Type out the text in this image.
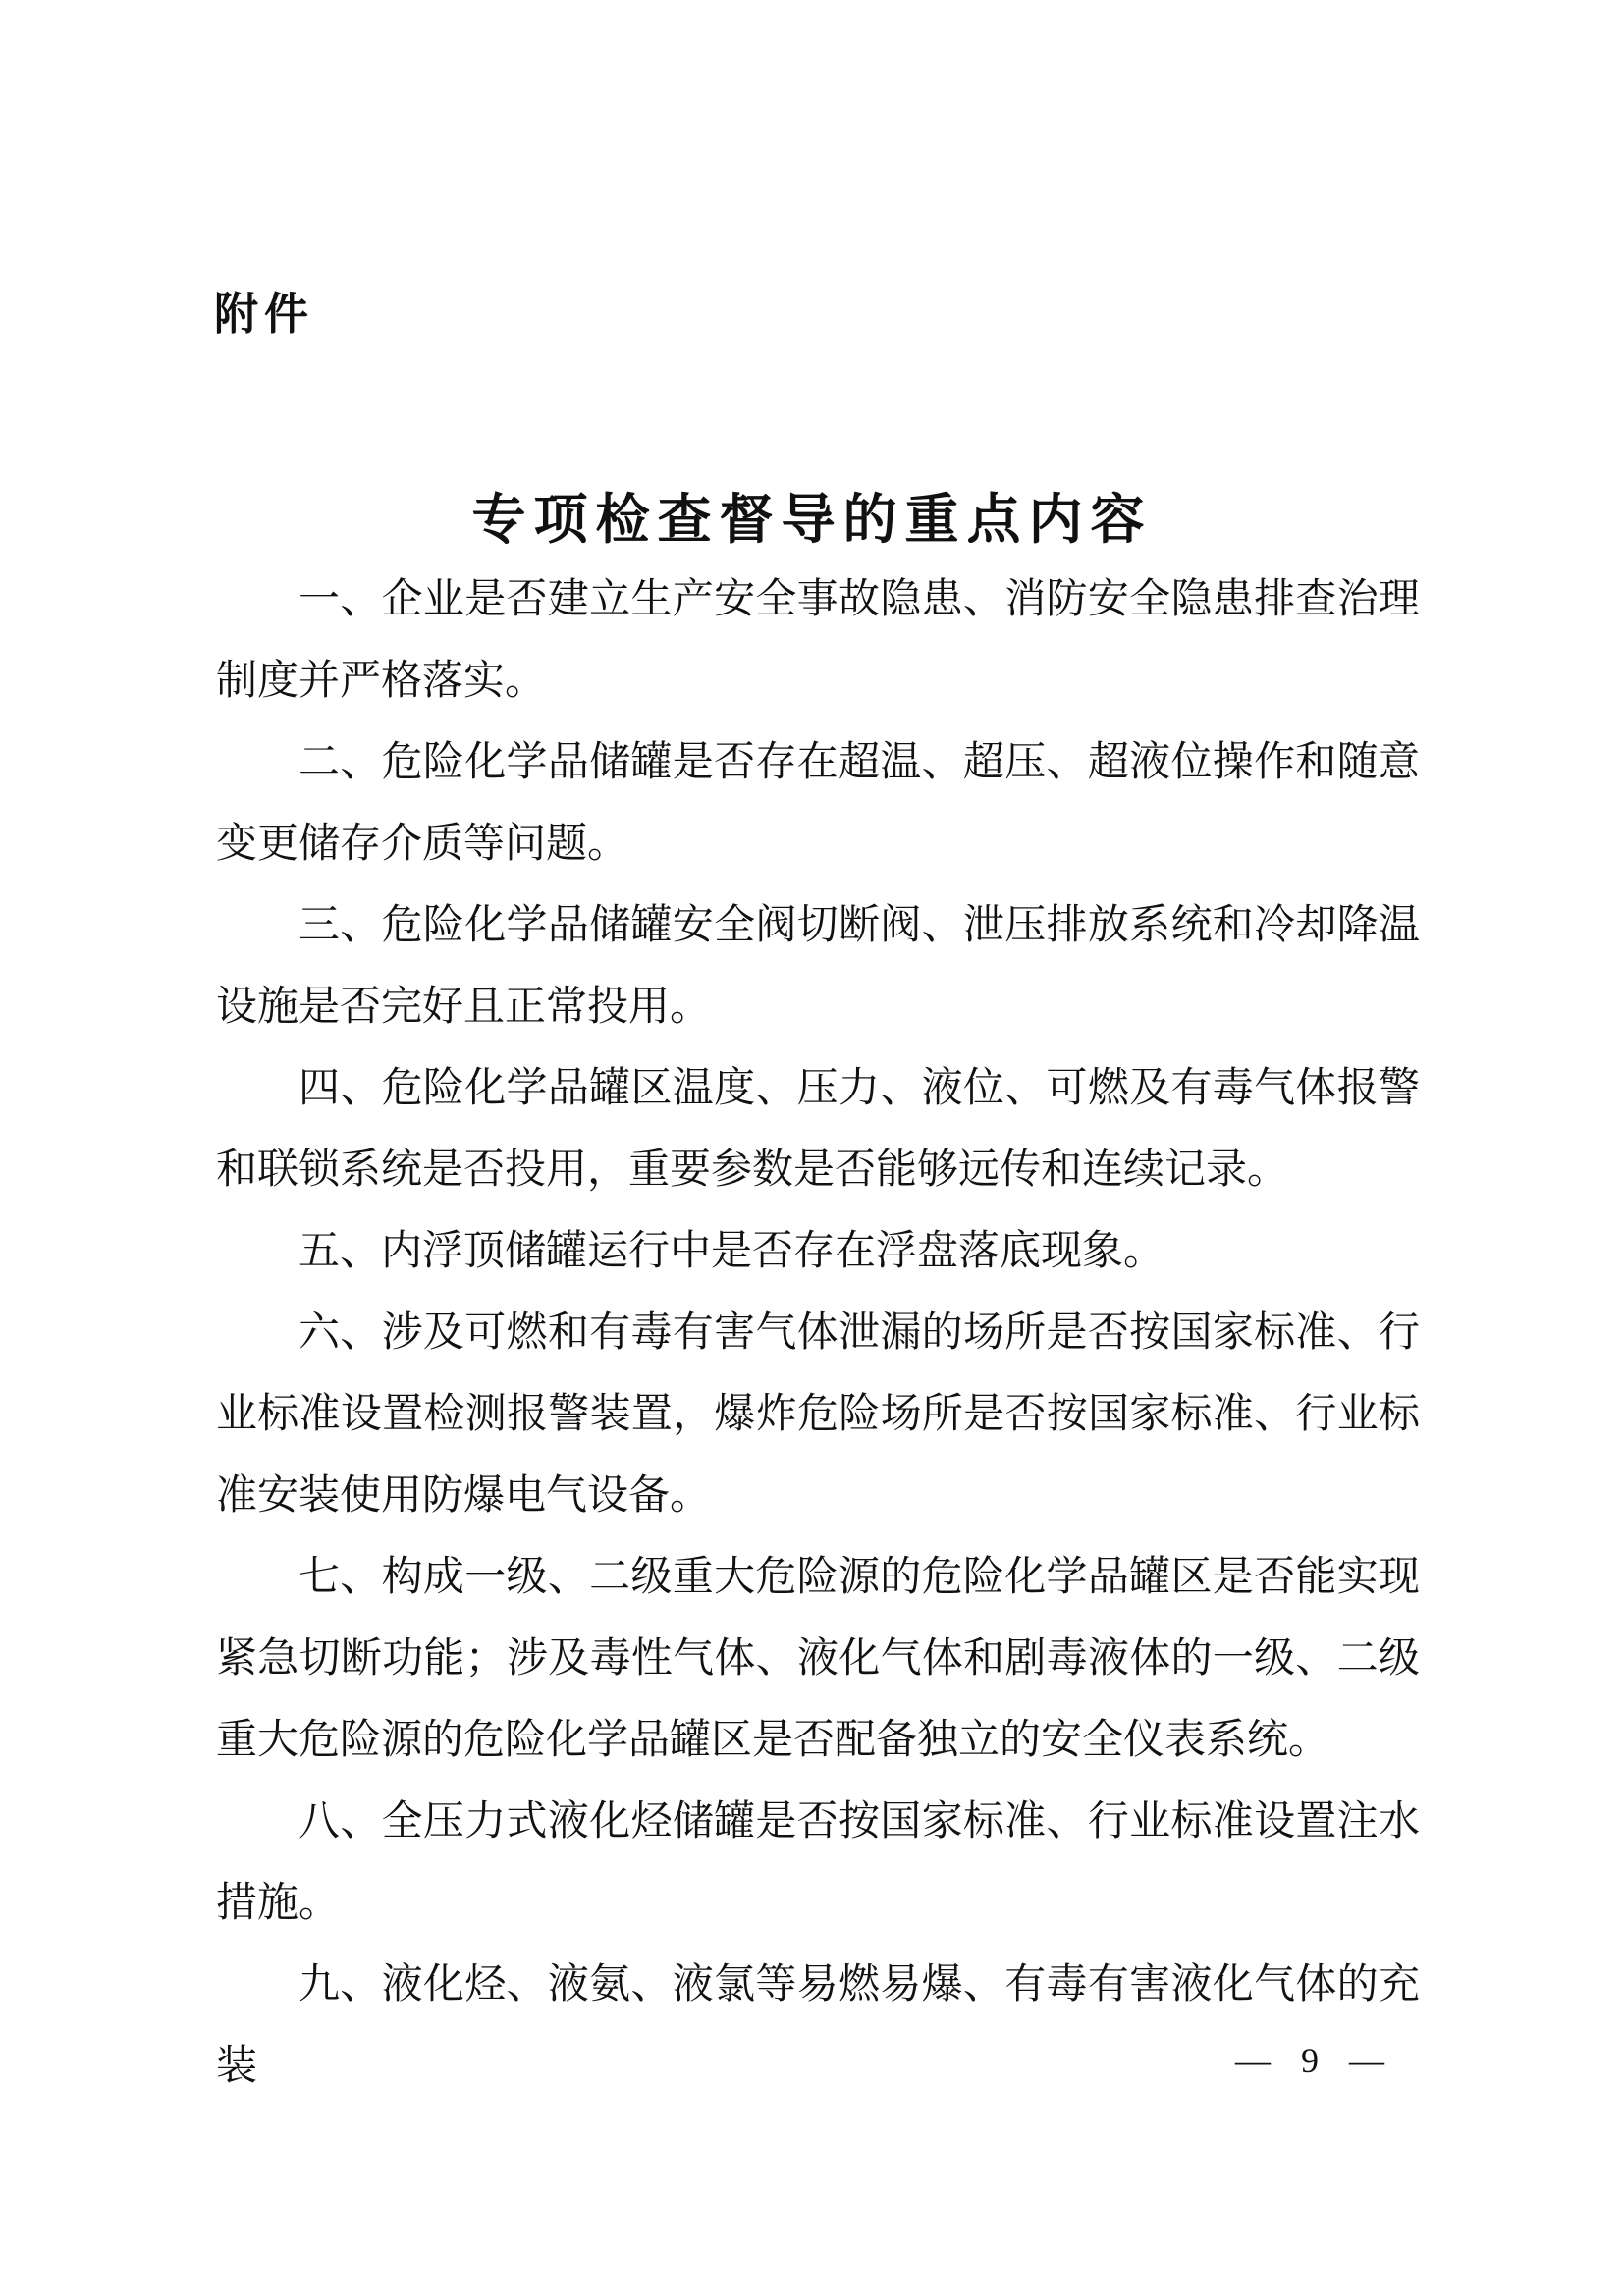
附件
专项检查督导的重点内容

一、企业是否建立生产安全事故隐患、消防安全隐患排查治理制度并严格落实。

二、危险化学品储罐是否存在超温、超压、超液位操作和随意变更储存介质等问题。

三、危险化学品储罐安全阀切断阀、泄压排放系统和冷却降温设施是否完好且正常投用。

四、危险化学品罐区温度、压力、液位、可燃及有毒气体报警和联锁系统是否投用，重要参数是否能够远传和连续记录。

五、内浮顶储罐运行中是否存在浮盘落底现象。

六、涉及可燃和有毒有害气体泄漏的场所是否按国家标准、行业标准设置检测报警装置，爆炸危险场所是否按国家标准、行业标准安装使用防爆电气设备。

七、构成一级、二级重大危险源的危险化学品罐区是否能实现紧急切断功能；涉及毒性气体、液化气体和剧毒液体的一级、二级重大危险源的危险化学品罐区是否配备独立的安全仪表系统。

八、全压力式液化烃储罐是否按国家标准、行业标准设置注水措施。

九、液化烃、液氨、液氯等易燃易爆、有毒有害液化气体的充装	— 9 —
